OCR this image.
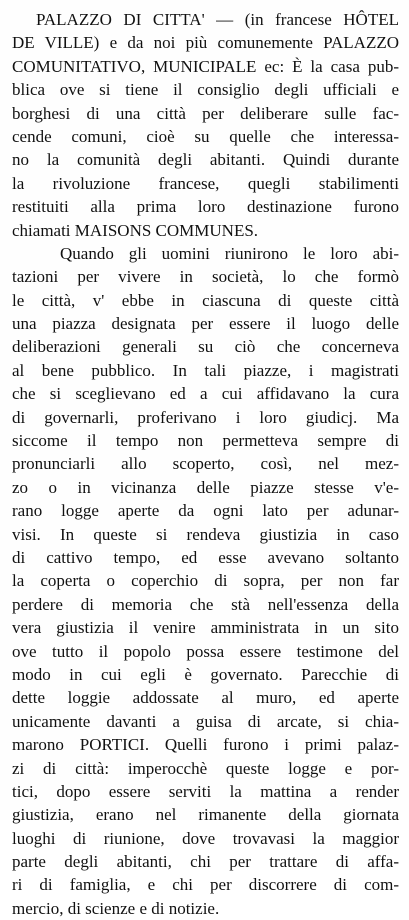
PALAZZO DI CITTA' — (in francese HÔTEL
DE VILLE) e da noi più comunemente PALAZZO
COMUNITATIVO, MUNICIPALE ec: È la casa pub-
blica ove si tiene il consiglio degli ufficiali e
borghesi di una città per deliberare sulle fac-
cende comuni, cioè su quelle che interessa-
no la comunità degli abitanti. Quindi durante
la rivoluzione francese, quegli stabilimenti
restituiti alla prima loro destinazione furono
chiamati MAISONS COMMUNES.
Quando gli uomini riunirono le loro abi-
tazioni per vivere in società, lo che formò
le città, v' ebbe in ciascuna di queste città
una piazza designata per essere il luogo delle
deliberazioni generali su ciò che concerneva
al bene pubblico. In tali piazze, i magistrati
che si sceglievano ed a cui affidavano la cura
di governarli, proferivano i loro giudicj. Ma
siccome il tempo non permetteva sempre di
pronunciarli allo scoperto, così, nel mez-
zo o in vicinanza delle piazze stesse v'e-
rano logge aperte da ogni lato per adunar-
visi. In queste si rendeva giustizia in caso
di cattivo tempo, ed esse avevano soltanto
la coperta o coperchio di sopra, per non far
perdere di memoria che stà nell'essenza della
vera giustizia il venire amministrata in un sito
ove tutto il popolo possa essere testimone del
modo in cui egli è governato. Parecchie di
dette loggie addossate al muro, ed aperte
unicamente davanti a guisa di arcate, si chia-
marono PORTICI. Quelli furono i primi palaz-
zi di città: imperocchè queste logge e por-
tici, dopo essere serviti la mattina a render
giustizia, erano nel rimanente della giornata
luoghi di riunione, dove trovavasi la maggior
parte degli abitanti, chi per trattare di affa-
ri di famiglia, e chi per discorrere di com-
mercio, di scienze e di notizie.
